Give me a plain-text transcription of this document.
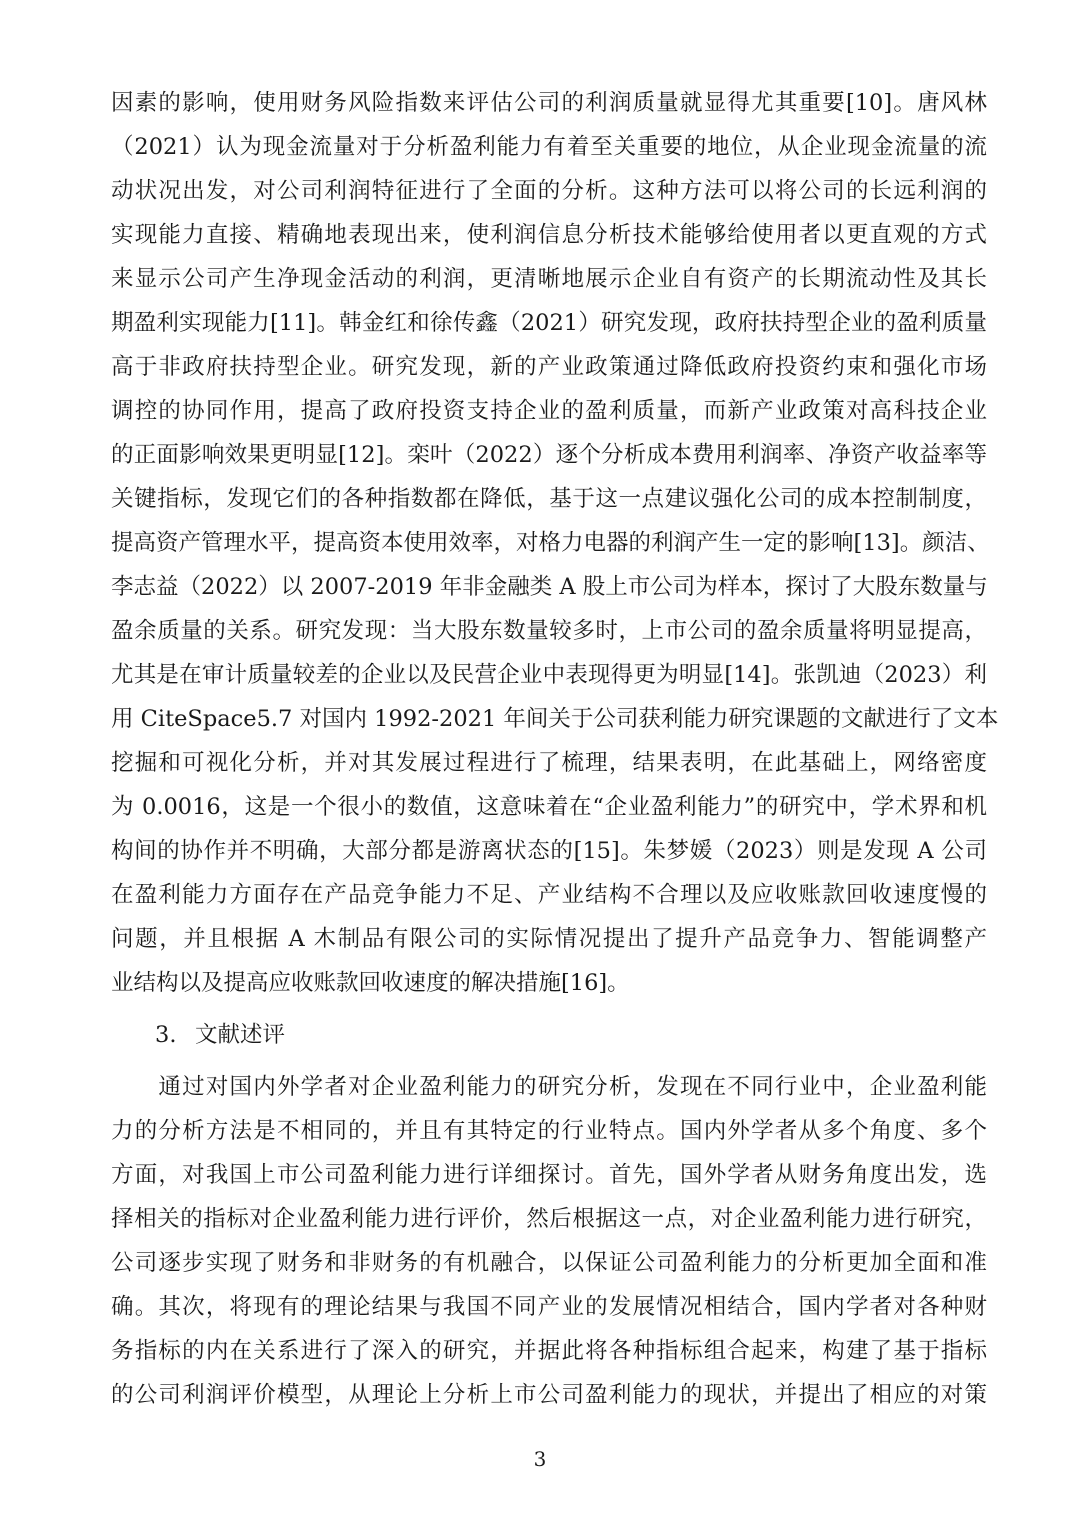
因素的影响，使用财务风险指数来评估公司的利润质量就显得尤其重要[10]。唐风林
（2021）认为现金流量对于分析盈利能力有着至关重要的地位，从企业现金流量的流
动状况出发，对公司利润特征进行了全面的分析。这种方法可以将公司的长远利润的
实现能力直接、精确地表现出来，使利润信息分析技术能够给使用者以更直观的方式
来显示公司产生净现金活动的利润，更清晰地展示企业自有资产的长期流动性及其长
期盈利实现能力[11]。韩金红和徐传鑫（2021）研究发现，政府扶持型企业的盈利质量
高于非政府扶持型企业。研究发现，新的产业政策通过降低政府投资约束和强化市场
调控的协同作用，提高了政府投资支持企业的盈利质量，而新产业政策对高科技企业
的正面影响效果更明显[12]。栾叶（2022）逐个分析成本费用利润率、净资产收益率等
关键指标，发现它们的各种指数都在降低，基于这一点建议强化公司的成本控制制度，
提高资产管理水平，提高资本使用效率，对格力电器的利润产生一定的影响[13]。颜洁、
李志益（2022）以 2007-2019 年非金融类 A 股上市公司为样本，探讨了大股东数量与
盈余质量的关系。研究发现：当大股东数量较多时，上市公司的盈余质量将明显提高，
尤其是在审计质量较差的企业以及民营企业中表现得更为明显[14]。张凯迪（2023）利
用 CiteSpace5.7 对国内 1992-2021 年间关于公司获利能力研究课题的文献进行了文本
挖掘和可视化分析，并对其发展过程进行了梳理，结果表明，在此基础上，网络密度
为 0.0016，这是一个很小的数值，这意味着在“企业盈利能力”的研究中，学术界和机
构间的协作并不明确，大部分都是游离状态的[15]。朱梦媛（2023）则是发现 A 公司
在盈利能力方面存在产品竞争能力不足、产业结构不合理以及应收账款回收速度慢的
问题，并且根据 A 木制品有限公司的实际情况提出了提升产品竞争力、智能调整产
业结构以及提高应收账款回收速度的解决措施[16]。
3. 文献述评
　　通过对国内外学者对企业盈利能力的研究分析，发现在不同行业中，企业盈利能
力的分析方法是不相同的，并且有其特定的行业特点。国内外学者从多个角度、多个
方面，对我国上市公司盈利能力进行详细探讨。首先，国外学者从财务角度出发，选
择相关的指标对企业盈利能力进行评价，然后根据这一点，对企业盈利能力进行研究，
公司逐步实现了财务和非财务的有机融合，以保证公司盈利能力的分析更加全面和准
确。其次，将现有的理论结果与我国不同产业的发展情况相结合，国内学者对各种财
务指标的内在关系进行了深入的研究，并据此将各种指标组合起来，构建了基于指标
的公司利润评价模型，从理论上分析上市公司盈利能力的现状，并提出了相应的对策
3
